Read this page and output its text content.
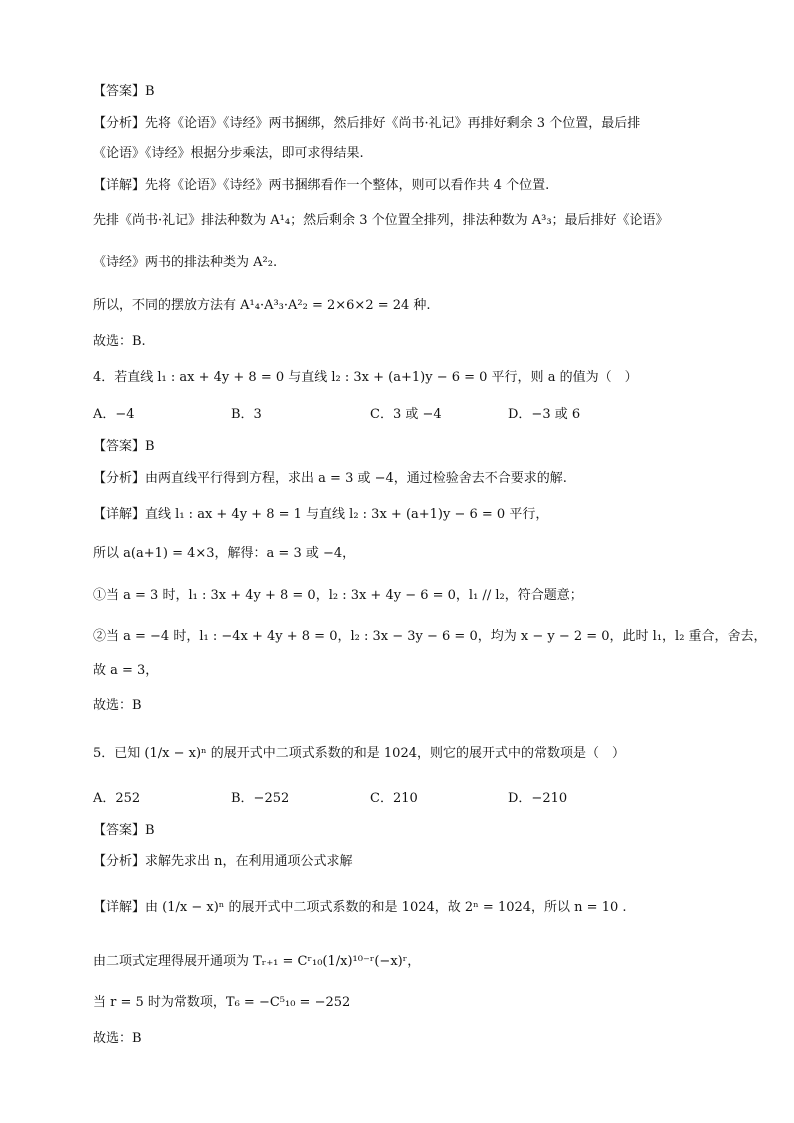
【 答案 】 B
【 分析 】 先将《论语》《诗经》两书捆绑，然后排好《尚书·礼记》再排好剩余 3 个位置，最后排
《论语》《诗经》根据分步乘法，即可求得结果.
【 详解 】 先将《论语》《诗经》两书捆绑看作一个整体，则可以看作共 4 个位置.
先排《尚书·礼记》排法种数为 A¹₄；然后剩余 3 个位置全排列，排法种数为 A³₃；最后排好《论语》
《诗经》两书的排法种类为 A²₂.
所以，不同的摆放方法有 A¹₄·A³₃·A²₂ = 2×6×2 = 24 种.
故选：B.
4．若直线 l₁ : ax + 4y + 8 = 0 与直线 l₂ : 3x + (a+1)y − 6 = 0 平行，则 a 的值为（　）
A．−4	B．3	C．3 或 −4	D．−3 或 6
【 答案 】 B
【 分析 】 由两直线平行得到方程，求出 a = 3 或 −4，通过检验舍去不合要求的解.
【 详解 】 直线 l₁ : ax + 4y + 8 = 1 与直线 l₂ : 3x + (a+1)y − 6 = 0 平行，
所以 a(a+1) = 4×3，解得：a = 3 或 −4，
①当 a = 3 时，l₁ : 3x + 4y + 8 = 0，l₂ : 3x + 4y − 6 = 0，l₁ // l₂，符合题意；
②当 a = −4 时，l₁ : −4x + 4y + 8 = 0，l₂ : 3x − 3y − 6 = 0，均为 x − y − 2 = 0，此时 l₁，l₂ 重合，舍去，
故 a = 3，
故选：B
5．已知 (1/x − x)ⁿ 的展开式中二项式系数的和是 1024，则它的展开式中的常数项是（　）
A．252	B．−252	C．210	D．−210
【 答案 】 B
【 分析 】 求解先求出 n，在利用通项公式求解
【 详解 】 由 (1/x − x)ⁿ 的展开式中二项式系数的和是 1024，故 2ⁿ = 1024，所以 n = 10 .
由二项式定理得展开通项为 Tᵣ₊₁ = Cʳ₁₀(1/x)¹⁰⁻ʳ(−x)ʳ，
当 r = 5 时为常数项，T₆ = −C⁵₁₀ = −252
故选：B
